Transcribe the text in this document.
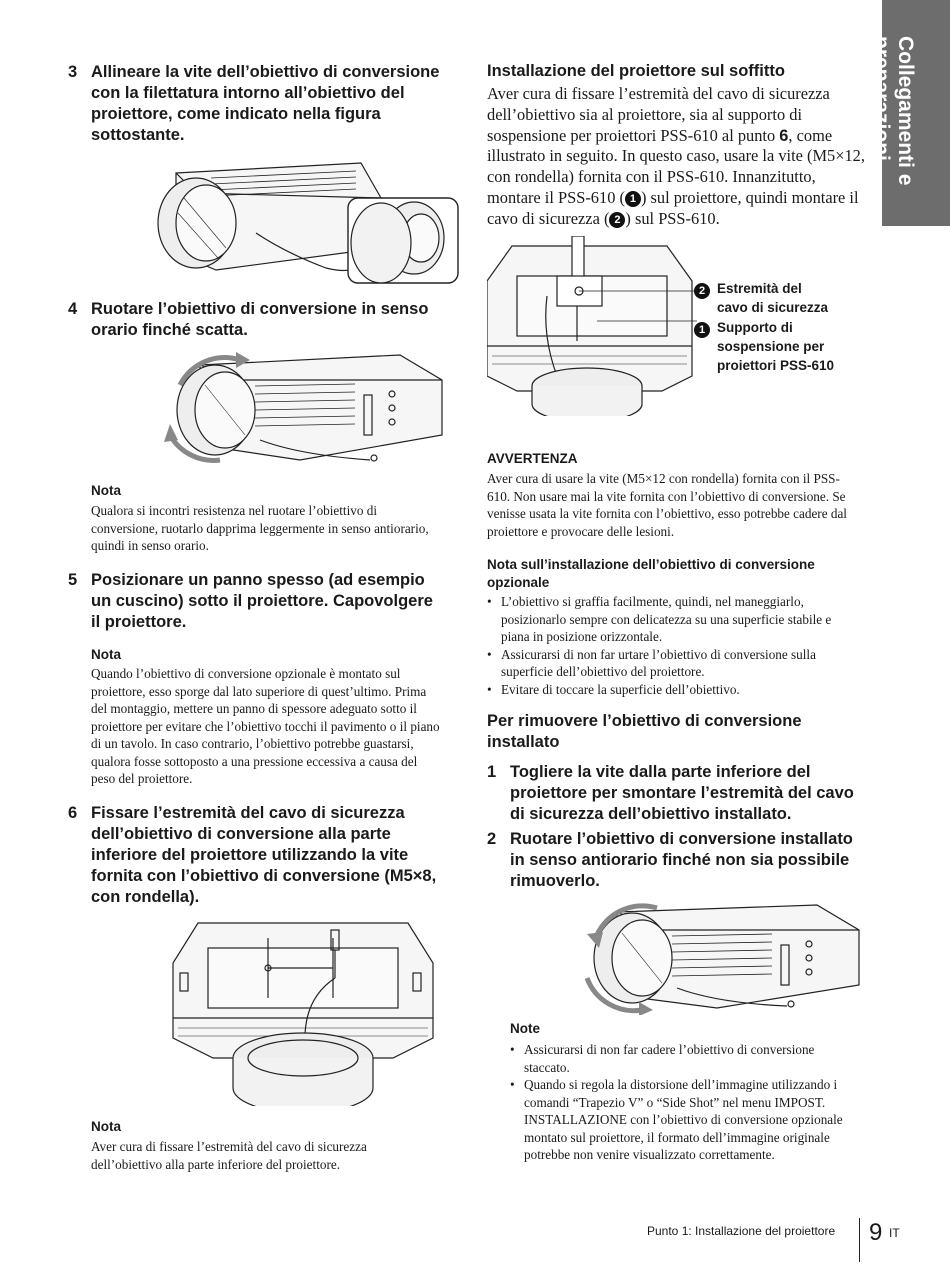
Collegamenti e
preparazioni
3 Allineare la vite dell’obiettivo di conversione con la filettatura intorno all’obiettivo del proiettore, come indicato nella figura sottostante.
4 Ruotare l’obiettivo di conversione in senso orario finché scatta.
Nota
Qualora si incontri resistenza nel ruotare l’obiettivo di conversione, ruotarlo dapprima leggermente in senso antiorario, quindi in senso orario.
5 Posizionare un panno spesso (ad esempio un cuscino) sotto il proiettore. Capovolgere il proiettore.
Nota
Quando l’obiettivo di conversione opzionale è montato sul proiettore, esso sporge dal lato superiore di quest’ultimo. Prima del montaggio, mettere un panno di spessore adeguato sotto il proiettore per evitare che l’obiettivo tocchi il pavimento o il piano di un tavolo. In caso contrario, l’obiettivo potrebbe guastarsi, qualora fosse sottoposto a una pressione eccessiva a causa del peso del proiettore.
6 Fissare l’estremità del cavo di sicurezza dell’obiettivo di conversione alla parte inferiore del proiettore utilizzando la vite fornita con l’obiettivo di conversione (M5×8, con rondella).
Nota
Aver cura di fissare l’estremità del cavo di sicurezza dell’obiettivo alla parte inferiore del proiettore.
Installazione del proiettore sul soffitto
Aver cura di fissare l’estremità del cavo di sicurezza dell’obiettivo sia al proiettore, sia al supporto di sospensione per proiettori PSS-610 al punto 6, come illustrato in seguito. In questo caso, usare la vite (M5×12, con rondella) fornita con il PSS-610. Innanzitutto, montare il PSS-610 ( 1 ) sul proiettore, quindi montare il cavo di sicurezza ( 2 ) sul PSS-610.
2 Estremità del
cavo di sicurezza
1 Supporto di
sospensione per
proiettori PSS-610
AVVERTENZA
Aver cura di usare la vite (M5×12 con rondella) fornita con il PSS-610. Non usare mai la vite fornita con l’obiettivo di conversione. Se venisse usata la vite fornita con l’obiettivo, esso potrebbe cadere dal proiettore e provocare delle lesioni.
Nota sull’installazione dell’obiettivo di conversione opzionale
• L’obiettivo si graffia facilmente, quindi, nel maneggiarlo, posizionarlo sempre con delicatezza su una superficie stabile e piana in posizione orizzontale.
• Assicurarsi di non far urtare l’obiettivo di conversione sulla superficie dell’obiettivo del proiettore.
• Evitare di toccare la superficie dell’obiettivo.
Per rimuovere l’obiettivo di conversione installato
1 Togliere la vite dalla parte inferiore del proiettore per smontare l’estremità del cavo di sicurezza dell’obiettivo installato.
2 Ruotare l’obiettivo di conversione installato in senso antiorario finché non sia possibile rimuoverlo.
Note
• Assicurarsi di non far cadere l’obiettivo di conversione staccato.
• Quando si regola la distorsione dell’immagine utilizzando i comandi “Trapezio V” o “Side Shot” nel menu IMPOST. INSTALLAZIONE con l’obiettivo di conversione opzionale montato sul proiettore, il formato dell’immagine originale potrebbe non venire visualizzato correttamente.
Punto 1: Installazione del proiettore 9 IT
